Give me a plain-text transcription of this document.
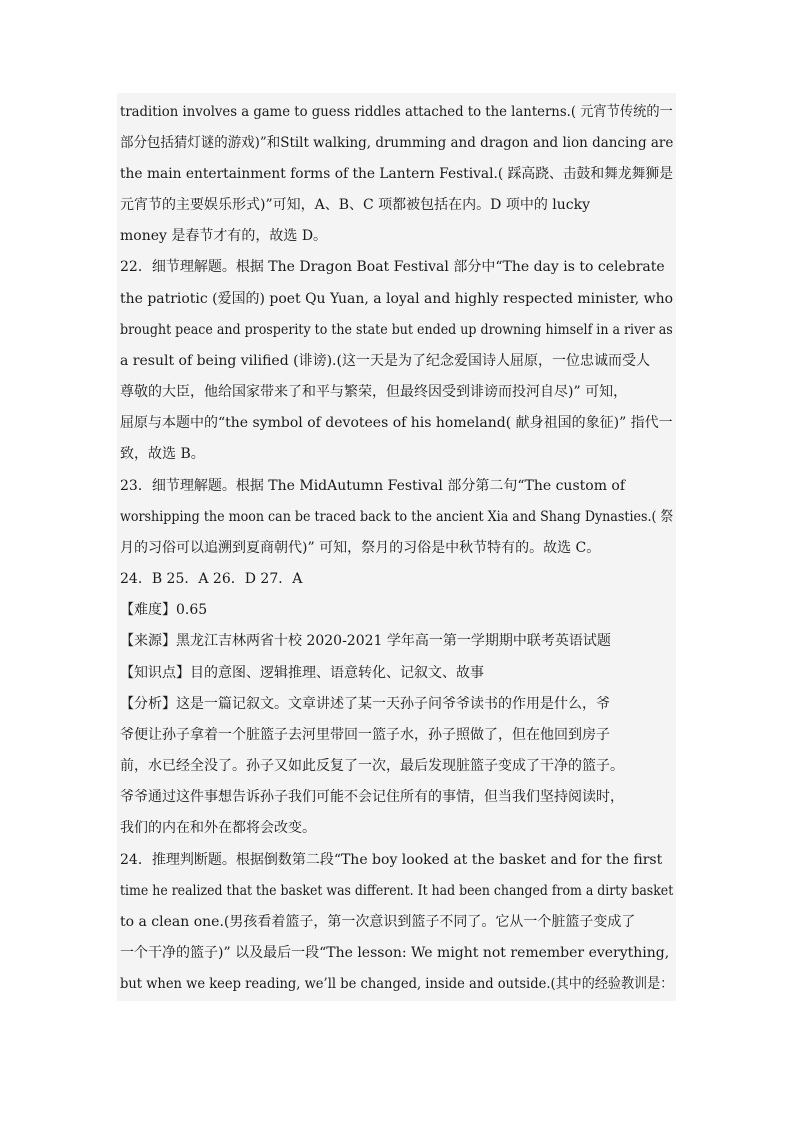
tradition involves a game to guess riddles attached to the lanterns.( 元宵节传统的一
部分包括猜灯谜的游戏)”和Stilt walking, drumming and dragon and lion dancing are
the main entertainment forms of the Lantern Festival.( 踩高跷、击鼓和舞龙舞狮是
元宵节的主要娱乐形式)”可知，A、B、C 项都被包括在内。D 项中的 lucky
money 是春节才有的，故选 D。
22．细节理解题。根据 The Dragon Boat Festival 部分中“The day is to celebrate
the patriotic (爱国的) poet Qu Yuan, a loyal and highly respected minister, who
brought peace and prosperity to the state but ended up drowning himself in a river as
a result of being vilified (诽谤).(这一天是为了纪念爱国诗人屈原，一位忠诚而受人
尊敬的大臣，他给国家带来了和平与繁荣，但最终因受到诽谤而投河自尽)” 可知，
屈原与本题中的“the symbol of devotees of his homeland( 献身祖国的象征)” 指代一
致，故选 B。
23．细节理解题。根据 The MidAutumn Festival 部分第二句“The custom of
worshipping the moon can be traced back to the ancient Xia and Shang Dynasties.( 祭
月的习俗可以追溯到夏商朝代)” 可知，祭月的习俗是中秋节特有的。故选 C。
24．B 25．A 26．D 27．A
【难度】0.65
【来源】黑龙江吉林两省十校 2020-2021 学年高一第一学期期中联考英语试题
【知识点】目的意图、逻辑推理、语意转化、记叙文、故事
【分析】这是一篇记叙文。文章讲述了某一天孙子问爷爷读书的作用是什么，爷
爷便让孙子拿着一个脏篮子去河里带回一篮子水，孙子照做了，但在他回到房子
前，水已经全没了。孙子又如此反复了一次，最后发现脏篮子变成了干净的篮子。
爷爷通过这件事想告诉孙子我们可能不会记住所有的事情，但当我们坚持阅读时，
我们的内在和外在都将会改变。
24．推理判断题。根据倒数第二段“The boy looked at the basket and for the first
time he realized that the basket was different. It had been changed from a dirty basket
to a clean one.(男孩看着篮子，第一次意识到篮子不同了。它从一个脏篮子变成了
一个干净的篮子)” 以及最后一段“The lesson: We might not remember everything,
but when we keep reading, we’ll be changed, inside and outside.(其中的经验教训是：
